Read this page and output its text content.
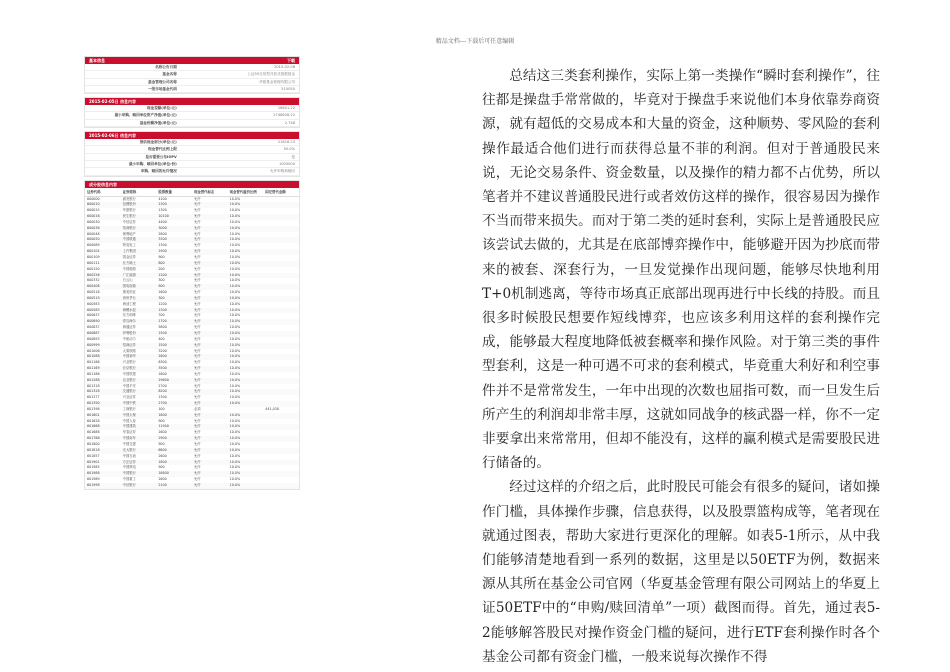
精品文档---下载后可任意编辑
基本信息	下载
名称公告日期	2015-02-06
基金名称	上证50交易型开放式指数基金
基金管理公司名称	华夏基金管理有限公司
一级市场基金代码	510050
2015-02-05日 信息内容
现金差额(单位:元)	16601.22
最小申购、赎回单位资产净值(单位:元)	2748628.22
基金份额净值(单位:元)	2.748
2015-02-06日 信息内容
预估现金部分(单位:元)	21616.23
现金替代比例上限	50.0%
是否需要公布IOPV	是
最小申购、赎回单位(单位:份)	1000000
申购、赎回的允许情况	允许申购和赎回
成分股信息内容
证券代码	证券简称	股票数量	现金替代标志	现金替代溢价比例	固定替代金额
600000	浦发银行	4100	允许	10.0%	
600010	包钢股份	1300	允许	10.0%	
600015	华夏银行	1300	允许	10.0%	
600016	民生银行	10100	允许	10.0%	
600030	中信证券	4400	允许	10.0%	
600036	招商银行	3000	允许	10.0%	
600048	保利地产	2800	允许	10.0%	
600050	中国联通	3300	允许	10.0%	
600089	特变电工	1300	允许	10.0%	
600104	上汽集团	1900	允许	10.0%	
600109	国金证券	900	允许	10.0%	
600111	北方稀土	800	允许	10.0%	
600150	中国船舶	200	允许	10.0%	
600256	广汇能源	1200	允许	10.0%	
600332	白云山	300	允许	10.0%	
600406	国电南瑞	900	允许	10.0%	
600518	康美药业	1600	允许	10.0%	
600519	贵州茅台	300	允许	10.0%	
600583	海油工程	1200	允许	10.0%	
600585	海螺水泥	1300	允许	10.0%	
600637	东方明珠	700	允许	10.0%	
600690	青岛海尔	1700	允许	10.0%	
600837	海通证券	5800	允许	10.0%	
600887	伊利股份	1500	允许	10.0%	
600893	中航动力	400	允许	10.0%	
600999	招商证券	1500	允许	10.0%	
601006	大秦铁路	3200	允许	10.0%	
601088	中国神华	1800	允许	10.0%	
601166	兴业银行	6300	允许	10.0%	
601169	北京银行	3500	允许	10.0%	
601186	中国铁建	1600	允许	10.0%	
601288	农业银行	19600	允许	10.0%	
601318	中国平安	2700	允许	10.0%	
601328	交通银行	8200	允许	10.0%	
601377	兴业证券	1300	允许	10.0%	
601390	中国中铁	2700	允许	10.0%	
601398	工商银行	100	必须		441,030
601601	中国太保	1800	允许	10.0%	
601628	中国人寿	900	允许	10.0%	
601668	中国建筑	11900	允许	10.0%	
601688	华泰证券	1600	允许	10.0%	
601766	中国南车	2900	允许	10.0%	
601800	中国交建	900	允许	10.0%	
601818	光大银行	6800	允许	10.0%	
601857	中国石油	2600	允许	10.0%	
601901	方正证券	1800	允许	10.0%	
601985	中国核电	900	允许	10.0%	
601988	中国银行	16800	允许	10.0%	
601989	中国重工	2600	允许	10.0%	
601998	中信银行	2100	允许	10.0%	

总结这三类套利操作，实际上第一类操作“瞬时套利操作”，往往都是操盘手常常做的，毕竟对于操盘手来说他们本身依靠券商资源，就有超低的交易成本和大量的资金，这种顺势、零风险的套利操作最适合他们进行而获得总量不菲的利润。但对于普通股民来说，无论交易条件、资金数量，以及操作的精力都不占优势，所以笔者并不建议普通股民进行或者效仿这样的操作，很容易因为操作不当而带来损失。而对于第二类的延时套利，实际上是普通股民应该尝试去做的，尤其是在底部博弈操作中，能够避开因为抄底而带来的被套、深套行为，一旦发觉操作出现问题，能够尽快地利用T+0机制逃离，等待市场真正底部出现再进行中长线的持股。而且很多时候股民想要作短线博弈，也应该多利用这样的套利操作完成，能够最大程度地降低被套概率和操作风险。对于第三类的事件型套利，这是一种可遇不可求的套利模式，毕竟重大利好和利空事件并不是常常发生，一年中出现的次数也屈指可数，而一旦发生后所产生的利润却非常丰厚，这就如同战争的核武器一样，你不一定非要拿出来常常用，但却不能没有，这样的赢利模式是需要股民进行储备的。

经过这样的介绍之后，此时股民可能会有很多的疑问，诸如操作门槛，具体操作步骤，信息获得，以及股票篮构成等，笔者现在就通过图表，帮助大家进行更深化的理解。如表5-1所示，从中我们能够清楚地看到一系列的数据，这里是以50ETF为例，数据来源从其所在基金公司官网（华夏基金管理有限公司网站上的华夏上证50ETF中的“申购/赎回清单”一项）截图而得。首先，通过表5-2能够解答股民对操作资金门槛的疑问，进行ETF套利操作时各个基金公司都有资金门槛，一般来说每次操作不得
